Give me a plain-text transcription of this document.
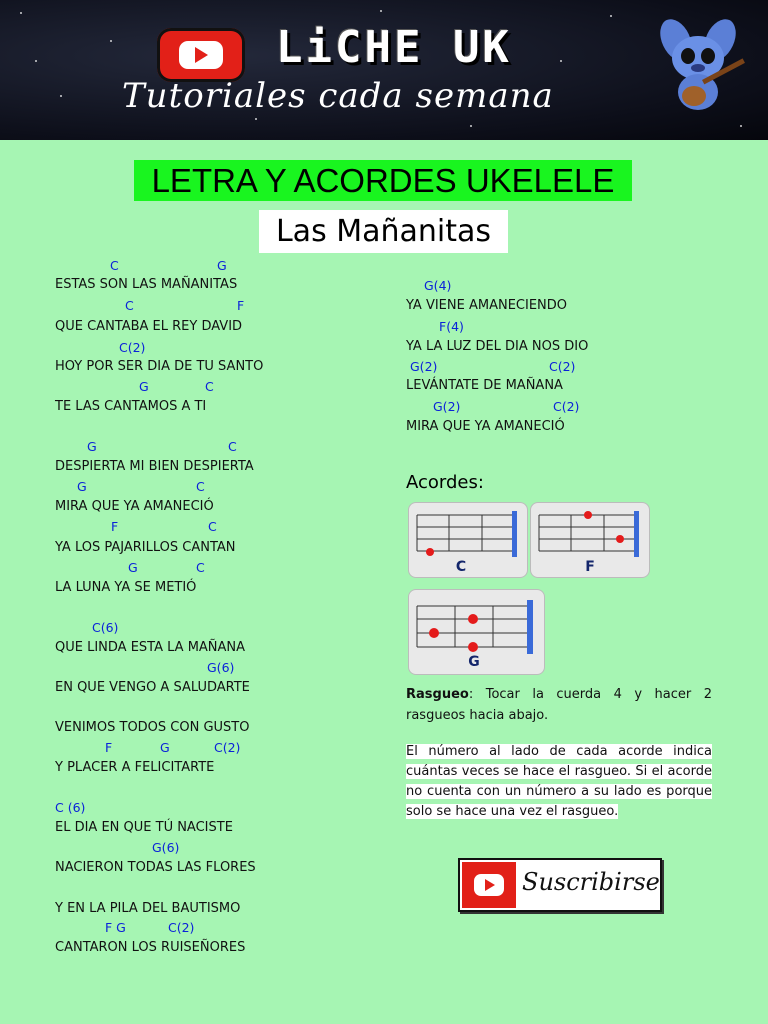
LiCHE UK
Tutoriales cada semana
LETRA Y ACORDES UKELELE
Las Mañanitas
C	G
ESTAS SON LAS MAÑANITAS
C	F
QUE CANTABA EL REY DAVID
C(2)
HOY POR SER DIA DE TU SANTO
G	C
TE LAS CANTAMOS A TI
G	C
DESPIERTA MI BIEN DESPIERTA
G	C
MIRA QUE YA AMANECIÓ
F	C
YA LOS PAJARILLOS CANTAN
G	C
LA LUNA YA SE METIÓ
C(6)
QUE LINDA ESTA LA MAÑANA
G(6)
EN QUE VENGO A SALUDARTE
VENIMOS TODOS CON GUSTO
F	G	C(2)
Y PLACER A FELICITARTE
C (6)
EL DIA EN QUE TÚ NACISTE
G(6)
NACIERON TODAS LAS FLORES
Y EN LA PILA DEL BAUTISMO
F G	C(2)
CANTARON LOS RUISEÑORES
G(4)
YA VIENE AMANECIENDO
F(4)
YA LA LUZ DEL DIA NOS DIO
G(2)	C(2)
LEVÁNTATE DE MAÑANA
G(2)	C(2)
MIRA QUE YA AMANECIÓ
Acordes:
C	F
G
Rasgueo: Tocar la cuerda 4 y hacer 2 rasgueos hacia abajo.
El número al lado de cada acorde indica cuántas veces se hace el rasgueo. Si el acorde no cuenta con un número a su lado es porque solo se hace una vez el rasgueo.
Suscribirse
